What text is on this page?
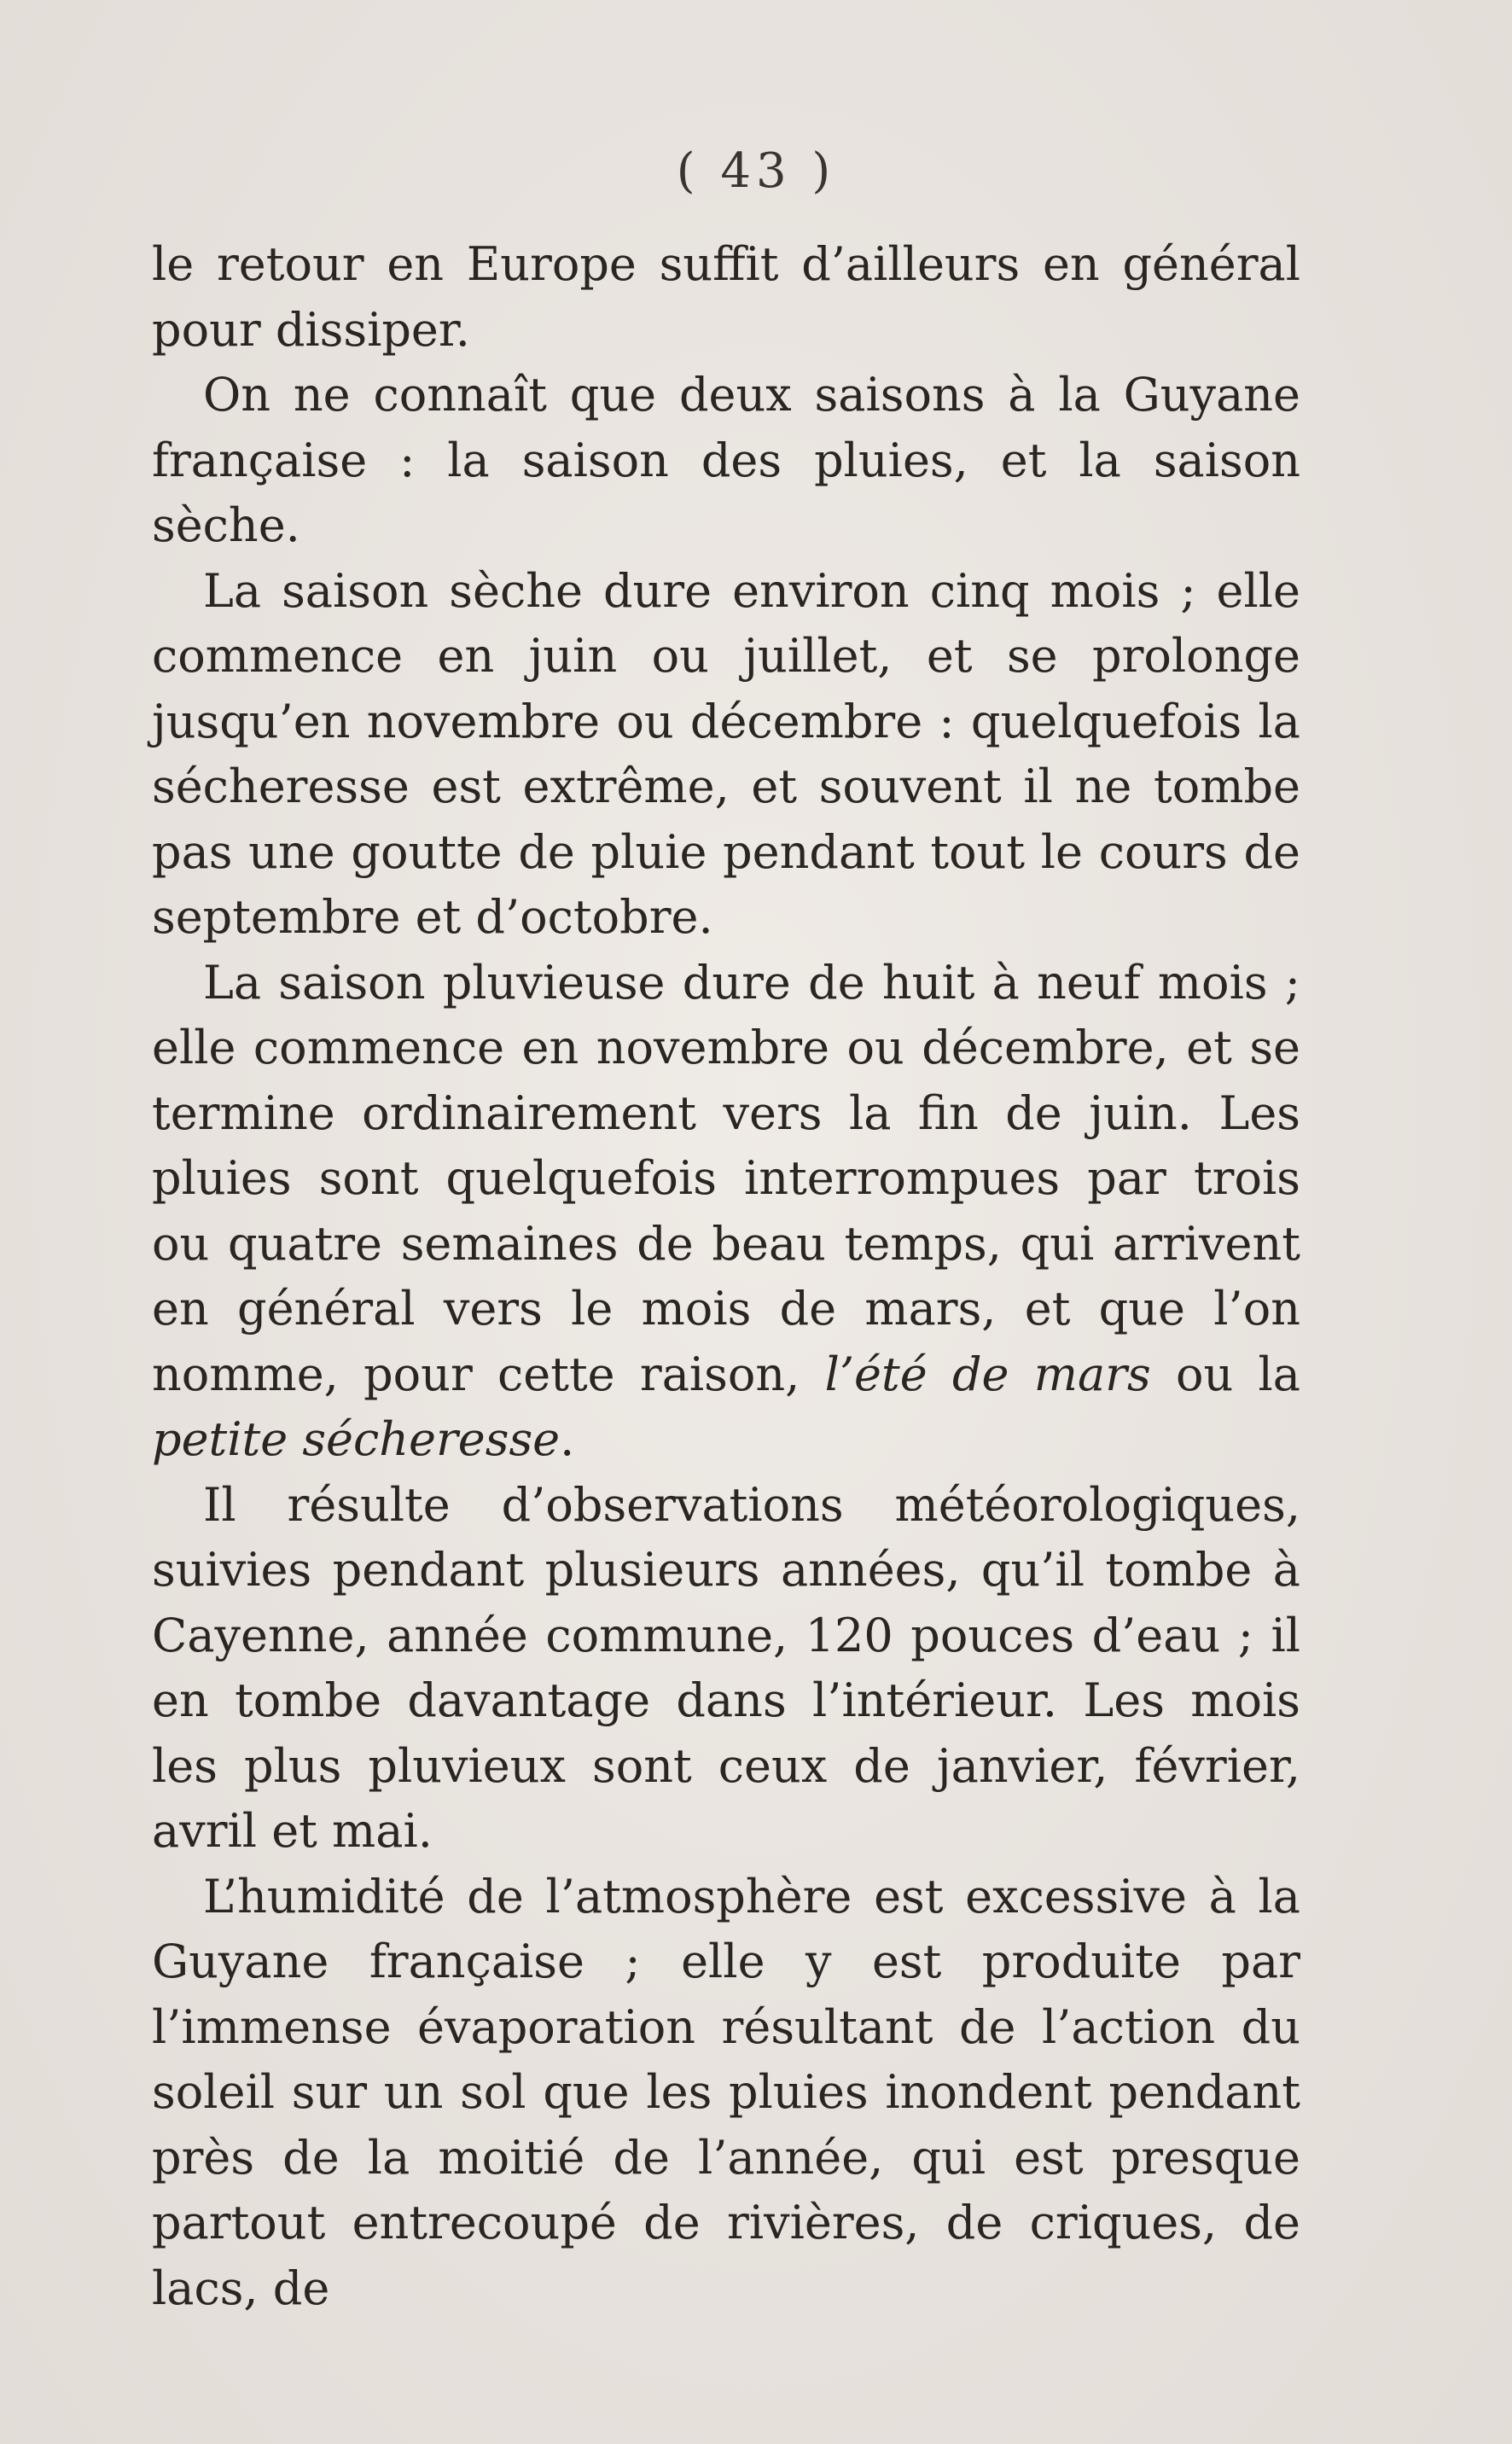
( 43 )

le retour en Europe suffit d’ailleurs en général pour dissiper.

On ne connaît que deux saisons à la Guyane française : la saison des pluies, et la saison sèche.

La saison sèche dure environ cinq mois ; elle commence en juin ou juillet, et se prolonge jusqu’en novembre ou décembre : quelquefois la sécheresse est extrême, et souvent il ne tombe pas une goutte de pluie pendant tout le cours de septembre et d’octobre.

La saison pluvieuse dure de huit à neuf mois ; elle commence en novembre ou décembre, et se termine ordinairement vers la fin de juin. Les pluies sont quelquefois interrompues par trois ou quatre semaines de beau temps, qui arrivent en général vers le mois de mars, et que l’on nomme, pour cette raison, l’été de mars ou la petite sécheresse.

Il résulte d’observations météorologiques, suivies pendant plusieurs années, qu’il tombe à Cayenne, année commune, 120 pouces d’eau ; il en tombe davantage dans l’intérieur. Les mois les plus pluvieux sont ceux de janvier, février, avril et mai.

L’humidité de l’atmosphère est excessive à la Guyane française ; elle y est produite par l’immense évaporation résultant de l’action du soleil sur un sol que les pluies inondent pendant près de la moitié de l’année, qui est presque partout entrecoupé de rivières, de criques, de lacs, de
